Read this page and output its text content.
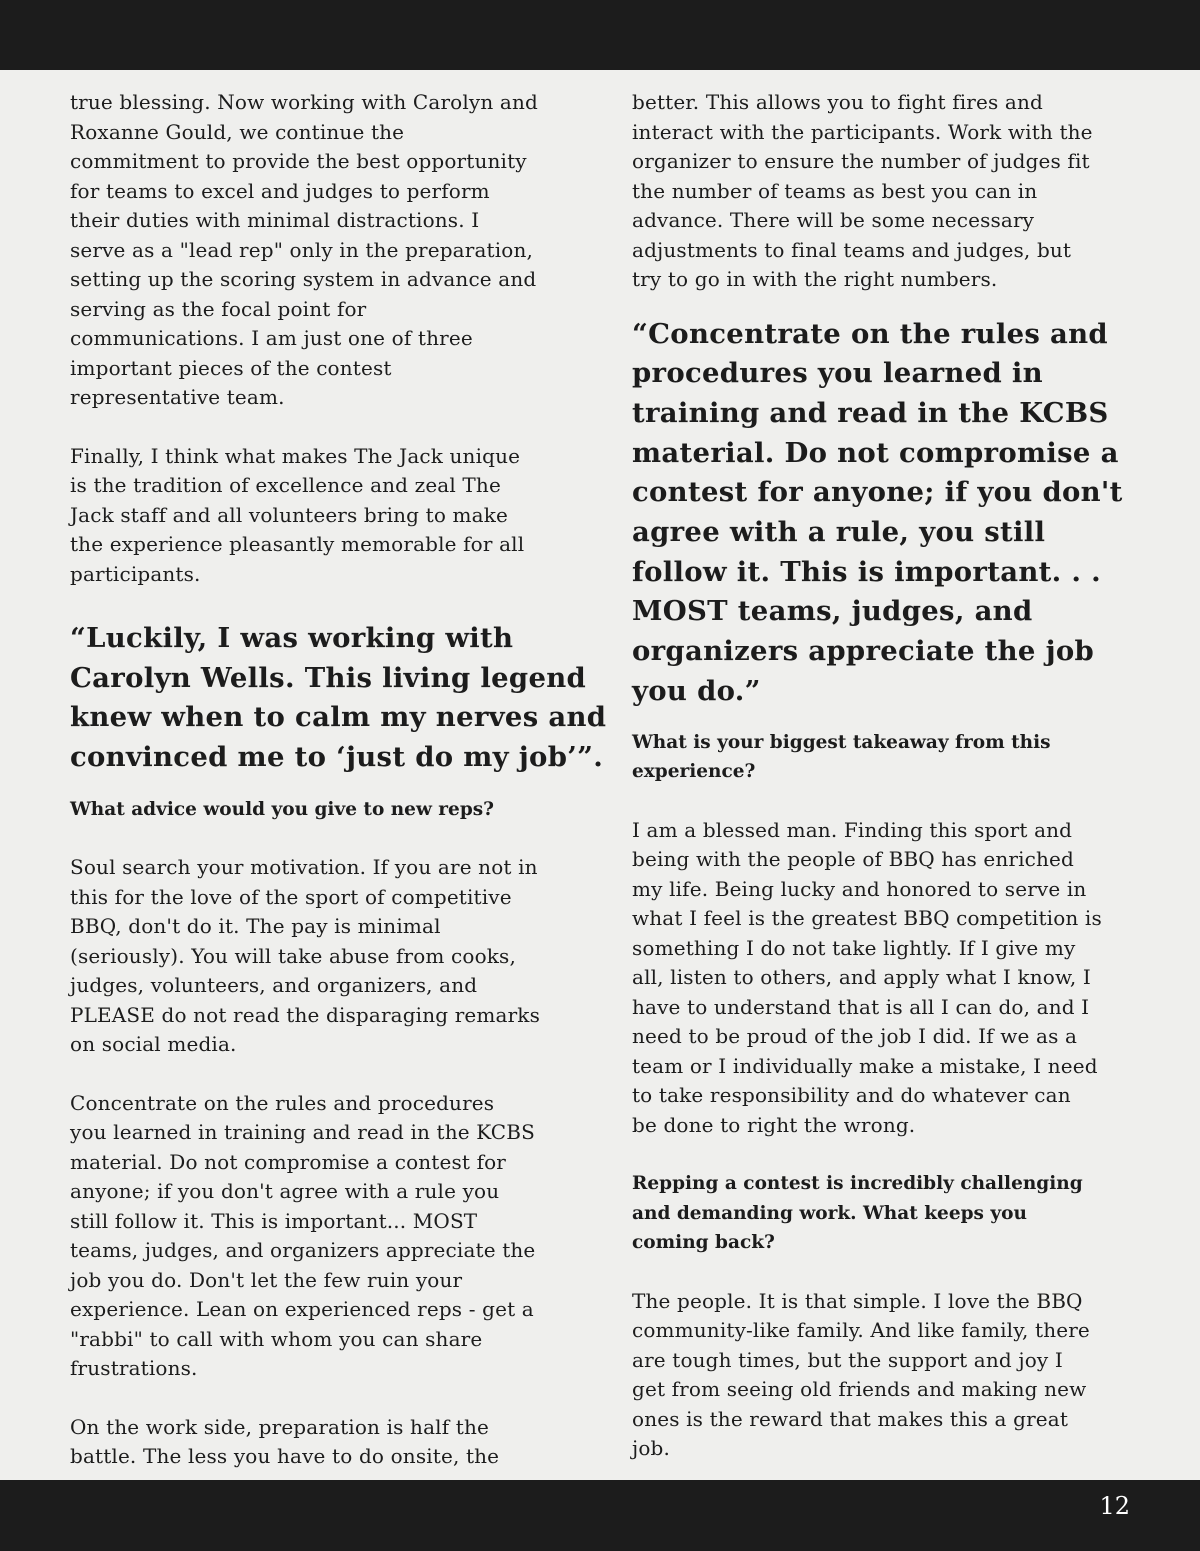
true blessing. Now working with Carolyn and
Roxanne Gould, we continue the
commitment to provide the best opportunity
for teams to excel and judges to perform
their duties with minimal distractions. I
serve as a "lead rep" only in the preparation,
setting up the scoring system in advance and
serving as the focal point for
communications. I am just one of three
important pieces of the contest
representative team.

Finally, I think what makes The Jack unique
is the tradition of excellence and zeal The
Jack staff and all volunteers bring to make
the experience pleasantly memorable for all
participants.

“Luckily, I was working with
Carolyn Wells. This living legend
knew when to calm my nerves and
convinced me to ‘just do my job’”.

What advice would you give to new reps?

Soul search your motivation. If you are not in
this for the love of the sport of competitive
BBQ, don't do it. The pay is minimal
(seriously). You will take abuse from cooks,
judges, volunteers, and organizers, and
PLEASE do not read the disparaging remarks
on social media.

Concentrate on the rules and procedures
you learned in training and read in the KCBS
material. Do not compromise a contest for
anyone; if you don't agree with a rule you
still follow it. This is important... MOST
teams, judges, and organizers appreciate the
job you do. Don't let the few ruin your
experience. Lean on experienced reps - get a
"rabbi" to call with whom you can share
frustrations.

On the work side, preparation is half the
battle. The less you have to do onsite, the

better. This allows you to fight fires and
interact with the participants. Work with the
organizer to ensure the number of judges fit
the number of teams as best you can in
advance. There will be some necessary
adjustments to final teams and judges, but
try to go in with the right numbers.

“Concentrate on the rules and
procedures you learned in
training and read in the KCBS
material. Do not compromise a
contest for anyone; if you don't
agree with a rule, you still
follow it. This is important. . .
MOST teams, judges, and
organizers appreciate the job
you do.”

What is your biggest takeaway from this
experience?

I am a blessed man. Finding this sport and
being with the people of BBQ has enriched
my life. Being lucky and honored to serve in
what I feel is the greatest BBQ competition is
something I do not take lightly. If I give my
all, listen to others, and apply what I know, I
have to understand that is all I can do, and I
need to be proud of the job I did. If we as a
team or I individually make a mistake, I need
to take responsibility and do whatever can
be done to right the wrong.

Repping a contest is incredibly challenging
and demanding work. What keeps you
coming back?

The people. It is that simple. I love the BBQ
community-like family. And like family, there
are tough times, but the support and joy I
get from seeing old friends and making new
ones is the reward that makes this a great
job.

12
